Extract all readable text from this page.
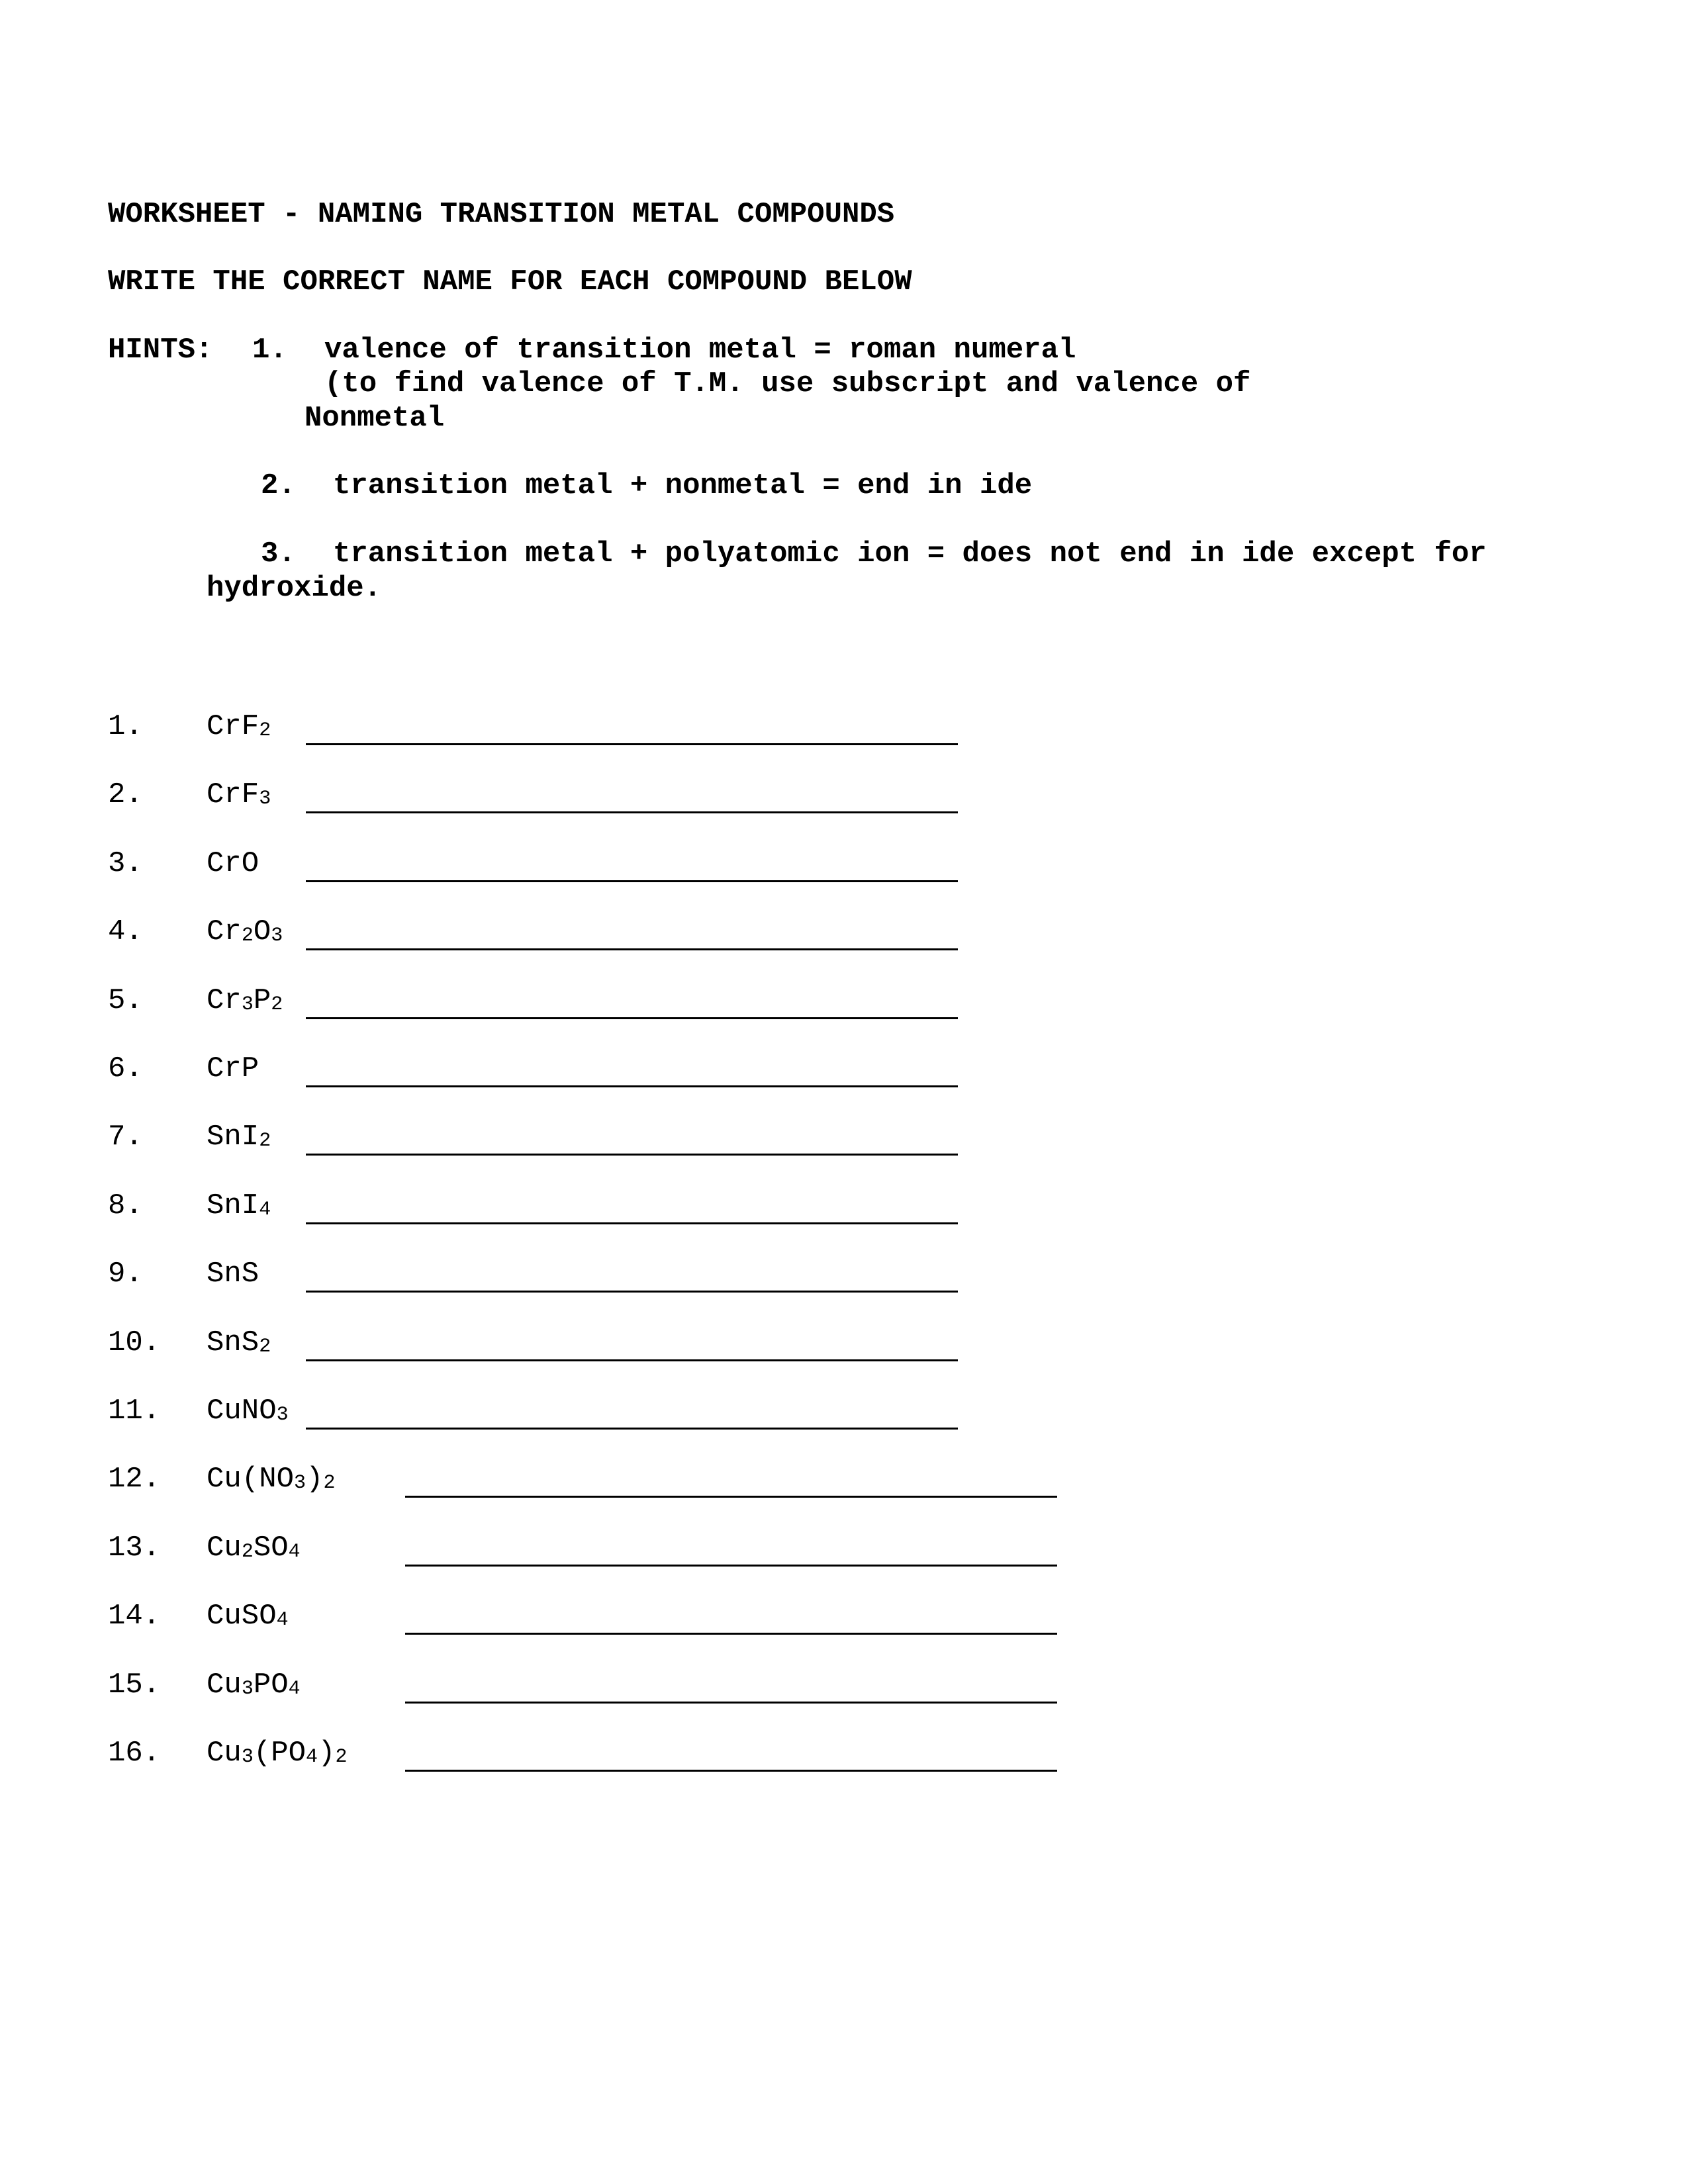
WORKSHEET - NAMING TRANSITION METAL COMPOUNDS
WRITE THE CORRECT NAME FOR EACH COMPOUND BELOW
HINTS: 1. valence of transition metal = roman numeral
(to find valence of T.M. use subscript and valence of
Nonmetal
2. transition metal + nonmetal = end in ide
3. transition metal + polyatomic ion = does not end in ide except for
hydroxide.
1. CrF$_2$
2. CrF$_3$
3. CrO
4. $Cr_2O_3$
5. $Cr_3P_2$
6. CrP
7. SnI$_2$
8. SnI$_4$
9. SnS
10. SnS$_2$
11. CuNO$_3$
12. $Cu(NO_3)_2$
13. $Cu_2SO_4$
14. CuSO$_4$
15. $Cu_3PO_4$
16. $Cu_3(PO_4)_2$
